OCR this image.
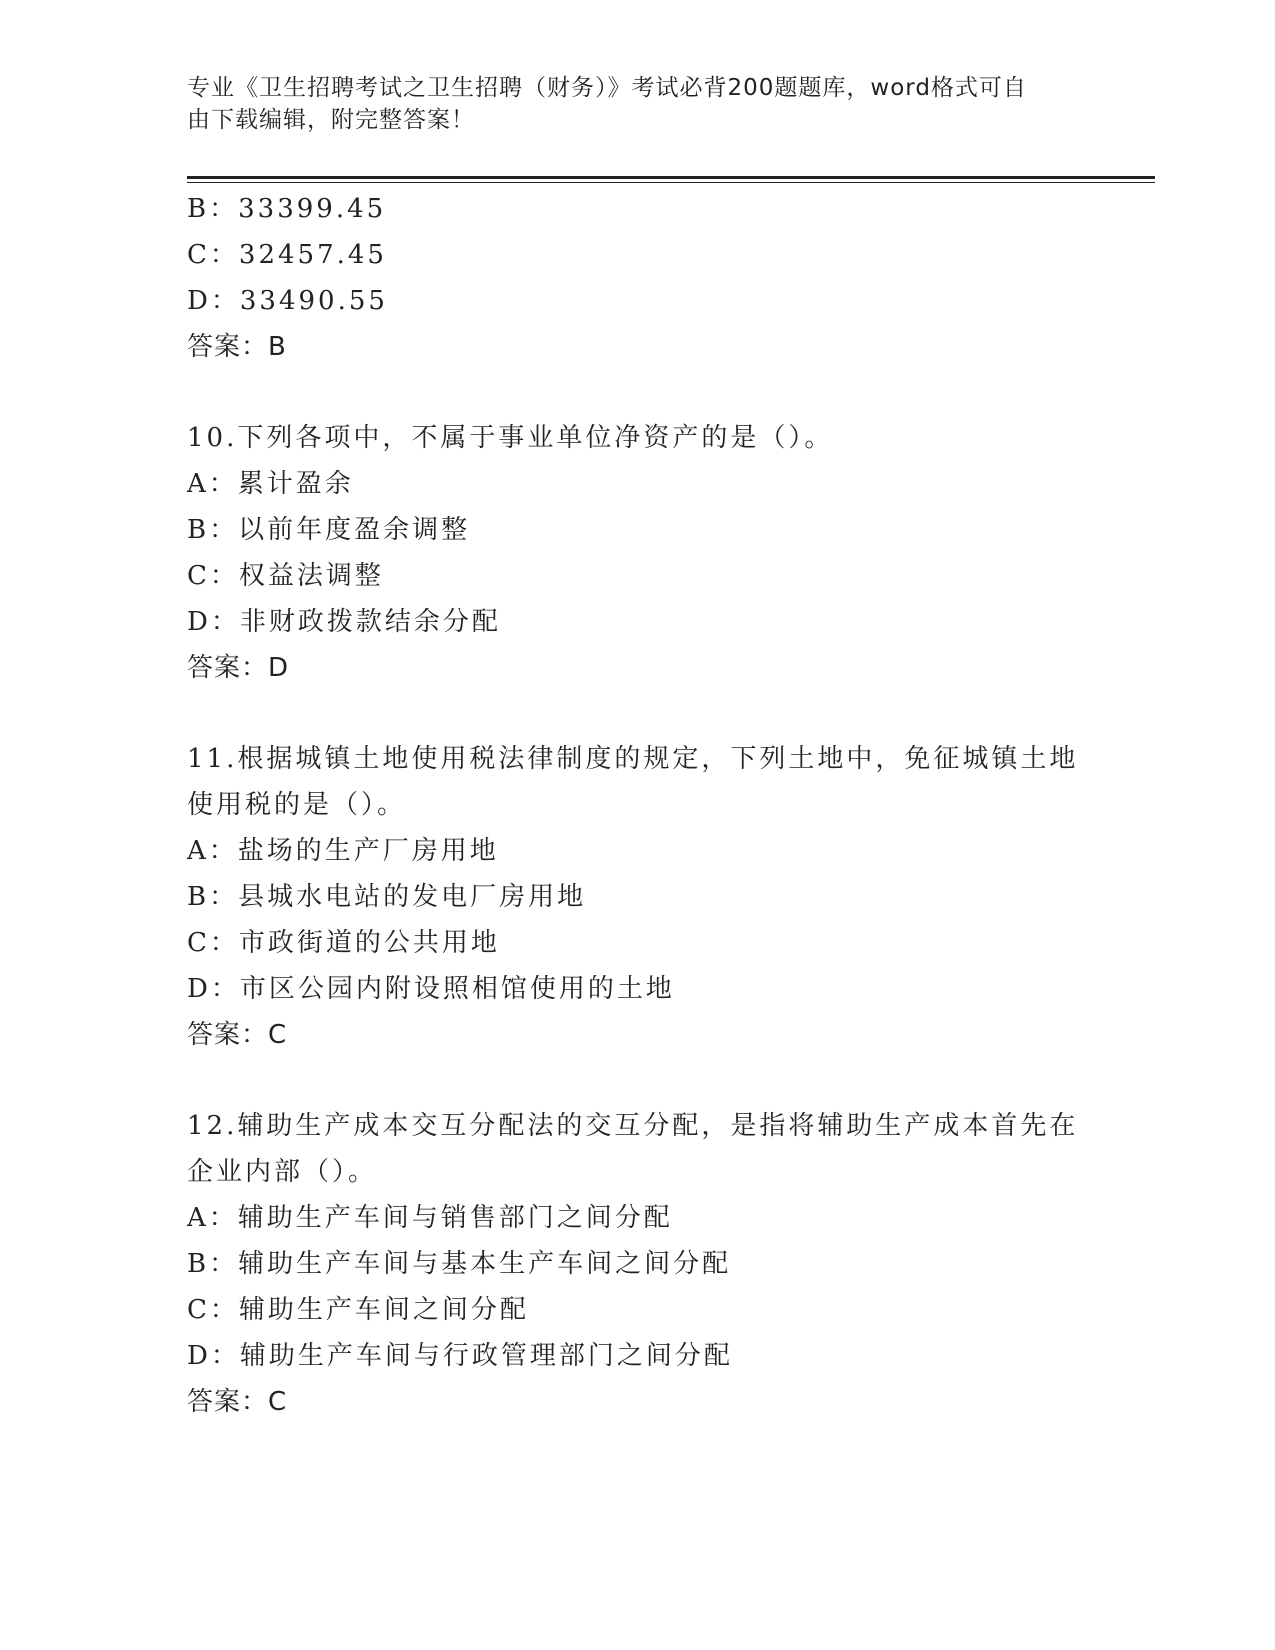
专业《卫生招聘考试之卫生招聘（财务）》考试必背200题题库，word格式可自
由下载编辑，附完整答案！
B：33399.45
C：32457.45
D：33490.55
答案：B
10.下列各项中，不属于事业单位净资产的是（）。
A：累计盈余
B：以前年度盈余调整
C：权益法调整
D：非财政拨款结余分配
答案：D
11.根据城镇土地使用税法律制度的规定，下列土地中，免征城镇土地
使用税的是（）。
A：盐场的生产厂房用地
B：县城水电站的发电厂房用地
C：市政街道的公共用地
D：市区公园内附设照相馆使用的土地
答案：C
12.辅助生产成本交互分配法的交互分配，是指将辅助生产成本首先在
企业内部（）。
A：辅助生产车间与销售部门之间分配
B：辅助生产车间与基本生产车间之间分配
C：辅助生产车间之间分配
D：辅助生产车间与行政管理部门之间分配
答案：C
